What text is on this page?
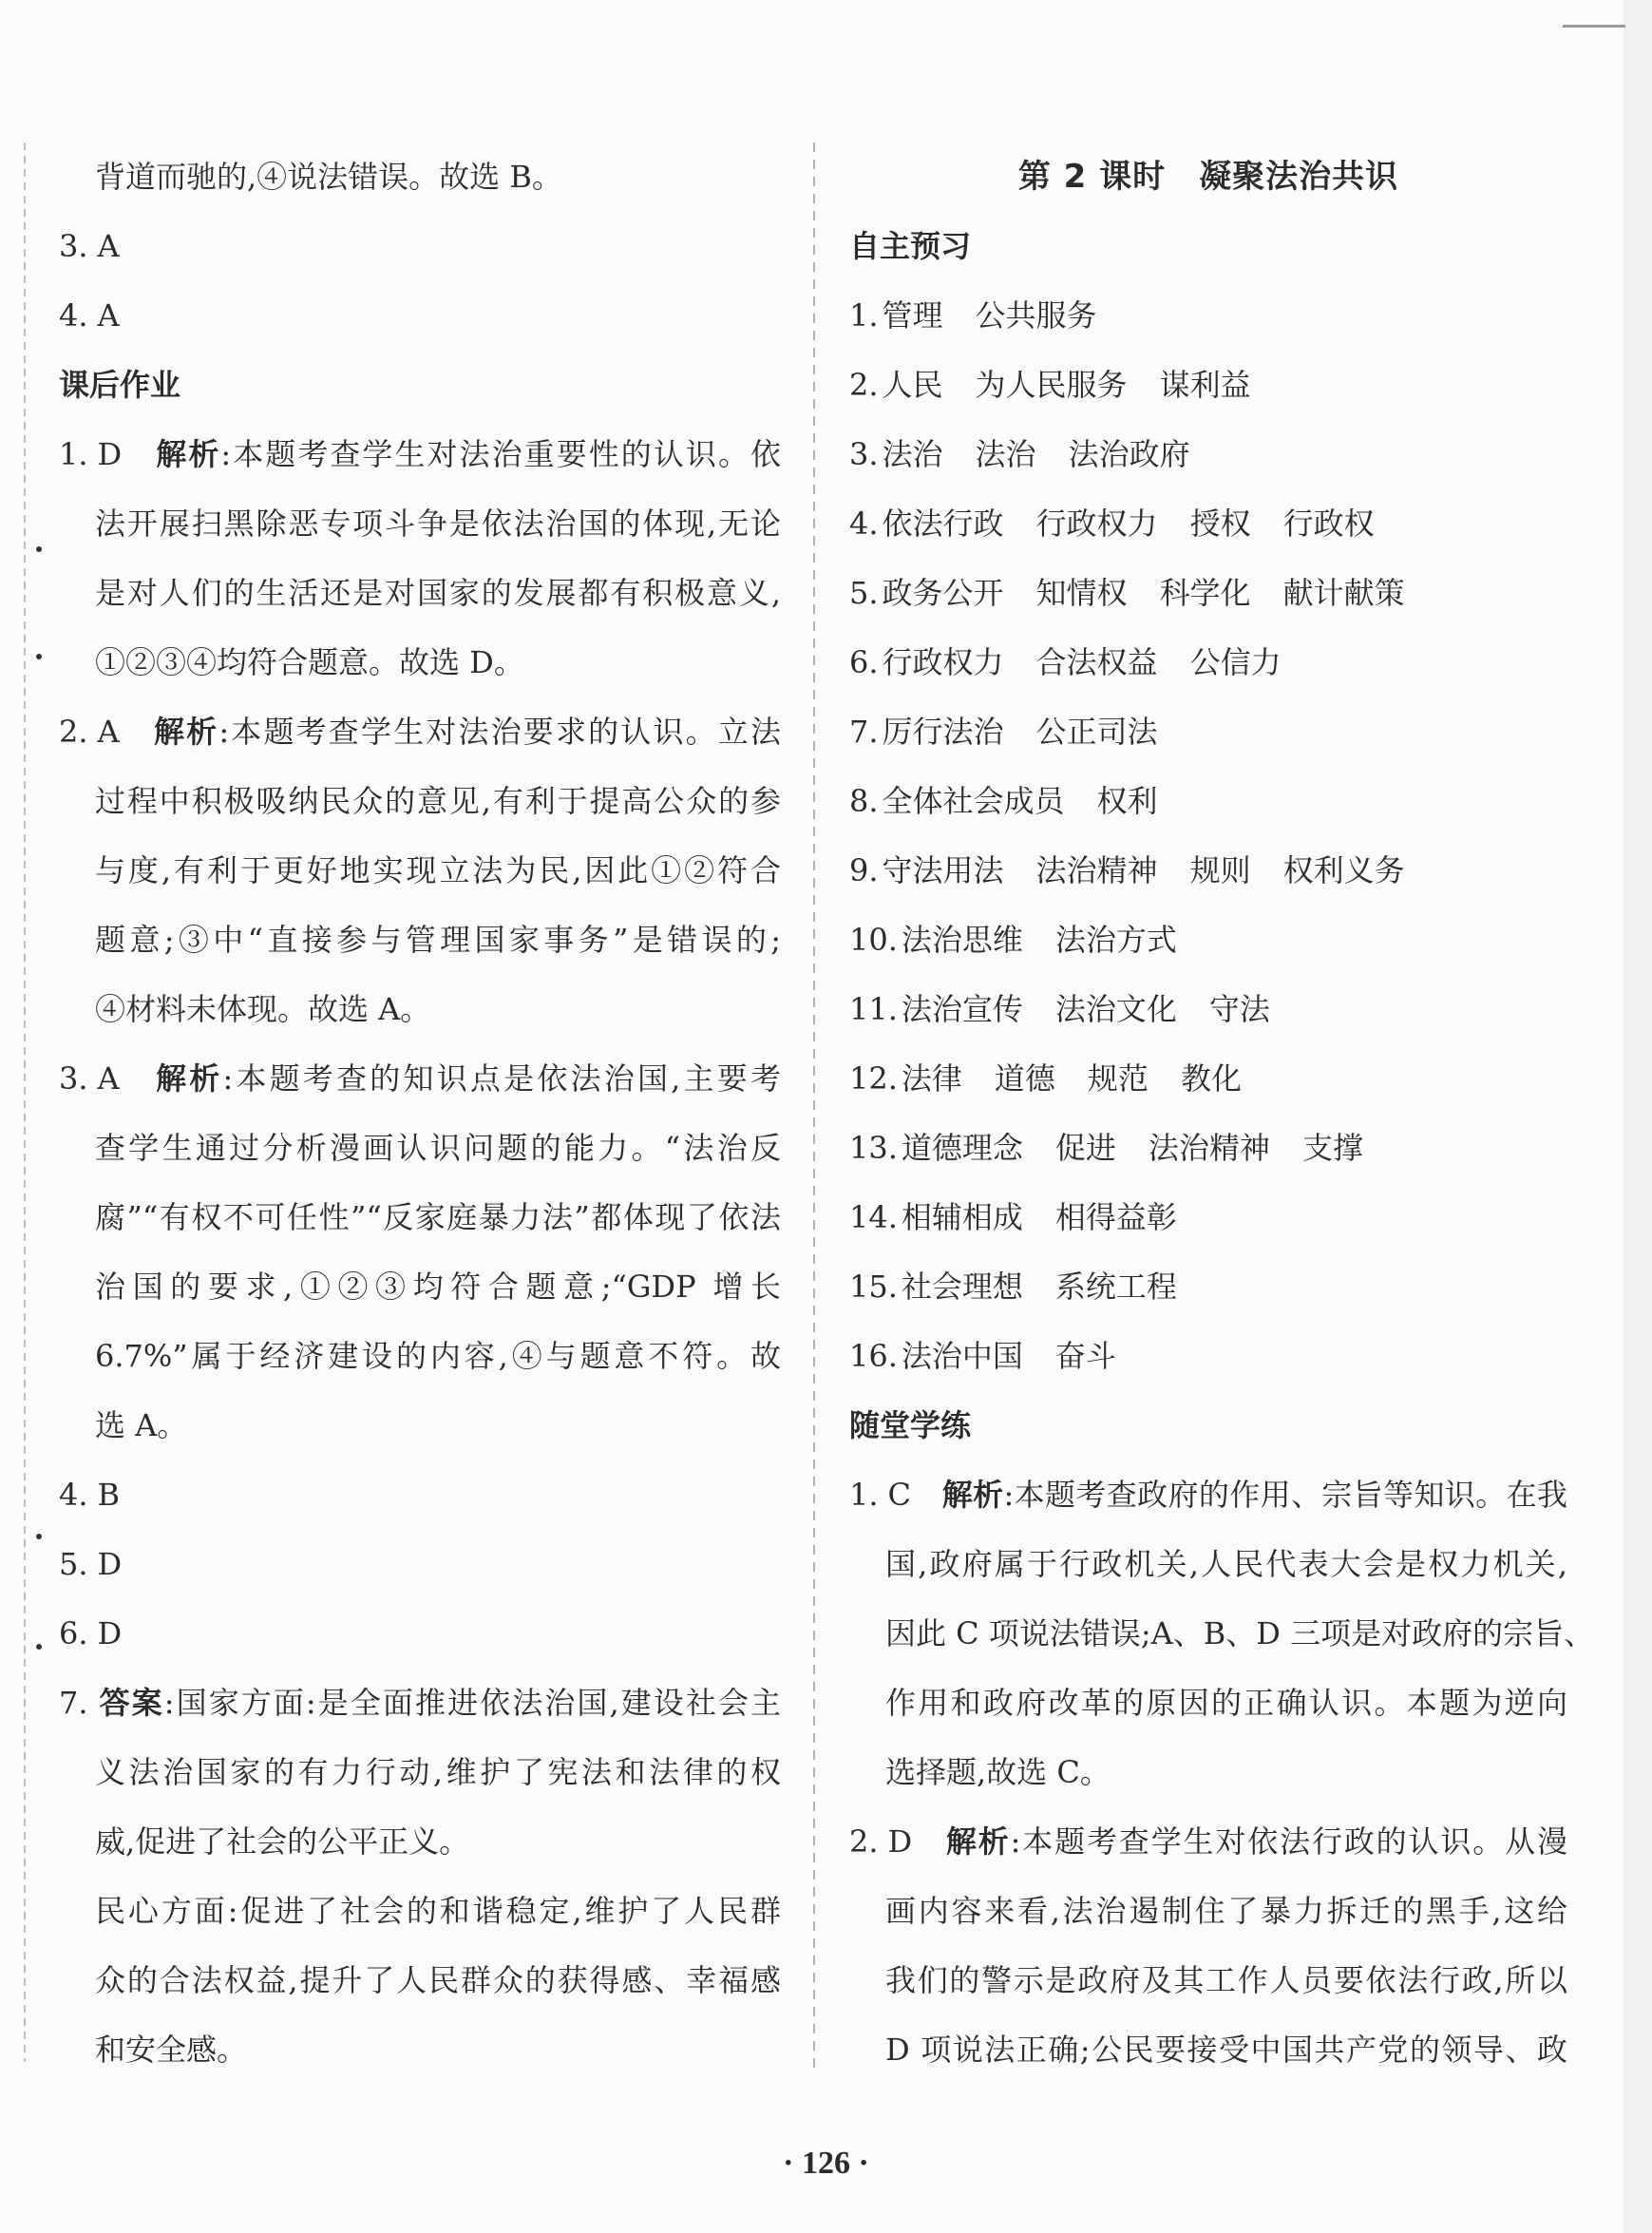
背道而驰的,④说法错误。故选 B。
3. A
4. A
课后作业
1. D　 解析:本题考查学生对法治重要性的认识。依
法开展扫黑除恶专项斗争是依法治国的体现,无论
是对人们的生活还是对国家的发展都有积极意义,
①②③④均符合题意。故选 D。
2. A　 解析:本题考查学生对法治要求的认识。立法
过程中积极吸纳民众的意见,有利于提高公众的参
与度,有利于更好地实现立法为民,因此①②符合
题意;③中“直接参与管理国家事务”是错误的;
④材料未体现。故选 A。
3. A　 解析:本题考查的知识点是依法治国,主要考
查学生通过分析漫画认识问题的能力。“法治反
腐”“有权不可任性”“反家庭暴力法”都体现了依法
治国的要求,①②③均符合题意;“GDP 增长
6.7%”属于经济建设的内容,④与题意不符。故
选 A。
4. B
5. D
6. D
7. 答案:国家方面:是全面推进依法治国,建设社会主
义法治国家的有力行动,维护了宪法和法律的权
威,促进了社会的公平正义。
民心方面:促进了社会的和谐稳定,维护了人民群
众的合法权益,提升了人民群众的获得感、幸福感
和安全感。
第 2 课时　凝聚法治共识
自主预习
1. 管理 公共服务
2. 人民 为人民服务 谋利益
3. 法治 法治 法治政府
4. 依法行政 行政权力 授权 行政权
5. 政务公开 知情权 科学化 献计献策
6. 行政权力 合法权益 公信力
7. 厉行法治 公正司法
8. 全体社会成员 权利
9. 守法用法 法治精神 规则 权利义务
10. 法治思维 法治方式
11. 法治宣传 法治文化 守法
12. 法律 道德 规范 教化
13. 道德理念 促进 法治精神 支撑
14. 相辅相成 相得益彰
15. 社会理想 系统工程
16. 法治中国 奋斗
随堂学练
1. C　 解析:本题考查政府的作用、宗旨等知识。在我
国,政府属于行政机关,人民代表大会是权力机关,
因此 C 项说法错误;A、B、D 三项是对政府的宗旨、
作用和政府改革的原因的正确认识。本题为逆向
选择题,故选 C。
2. D　 解析:本题考查学生对依法行政的认识。从漫
画内容来看,法治遏制住了暴力拆迁的黑手,这给
我们的警示是政府及其工作人员要依法行政,所以
D 项说法正确;公民要接受中国共产党的领导、政
· 126 ·
